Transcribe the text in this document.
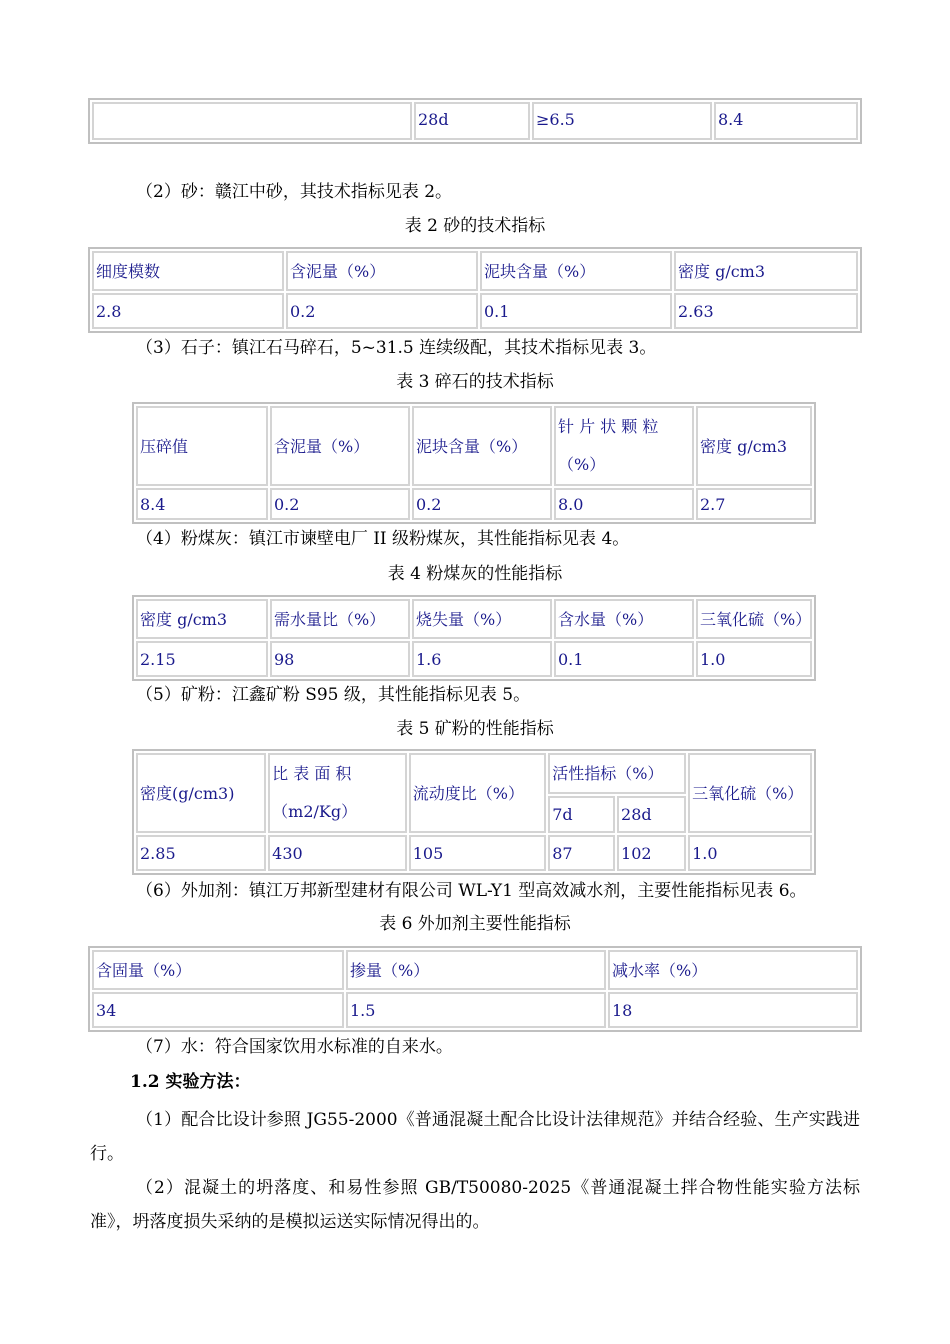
	28d	≥6.5	8.4
（2）砂：赣江中砂，其技术指标见表 2。
表 2 砂的技术指标
细度模数	含泥量（%）	泥块含量（%）	密度 g/cm3
2.8	0.2	0.1	2.63
（3）石子：镇江石马碎石，5~31.5 连续级配，其技术指标见表 3。
表 3 碎石的技术指标
压碎值	含泥量（%）	泥块含量（%）	针 片 状 颗 粒（%）	密度 g/cm3
8.4	0.2	0.2	8.0	2.7
（4）粉煤灰：镇江市谏壁电厂 II 级粉煤灰，其性能指标见表 4。
表 4 粉煤灰的性能指标
密度 g/cm3	需水量比（%）	烧失量（%）	含水量（%）	三氧化硫（%）
2.15	98	1.6	0.1	1.0
（5）矿粉：江鑫矿粉 S95 级，其性能指标见表 5。
表 5 矿粉的性能指标
密度(g/cm3)	比 表 面 积 （m2/Kg）	流动度比（%）	活性指标（%）		三氧化硫（%）
			7d	28d	
2.85	430	105	87	102	1.0
（6）外加剂：镇江万邦新型建材有限公司 WL-Y1 型高效减水剂，主要性能指标见表 6。
表 6 外加剂主要性能指标
含固量（%）	掺量（%）	减水率（%）
34	1.5	18
（7）水：符合国家饮用水标准的自来水。
1.2 实验方法：
（1）配合比设计参照 JG55-2000《普通混凝土配合比设计法律规范》并结合经验、生产实践进行。
（2）混凝土的坍落度、和易性参照 GB/T50080-2025《普通混凝土拌合物性能实验方法标准》，坍落度损失采纳的是模拟运送实际情况得出的。
